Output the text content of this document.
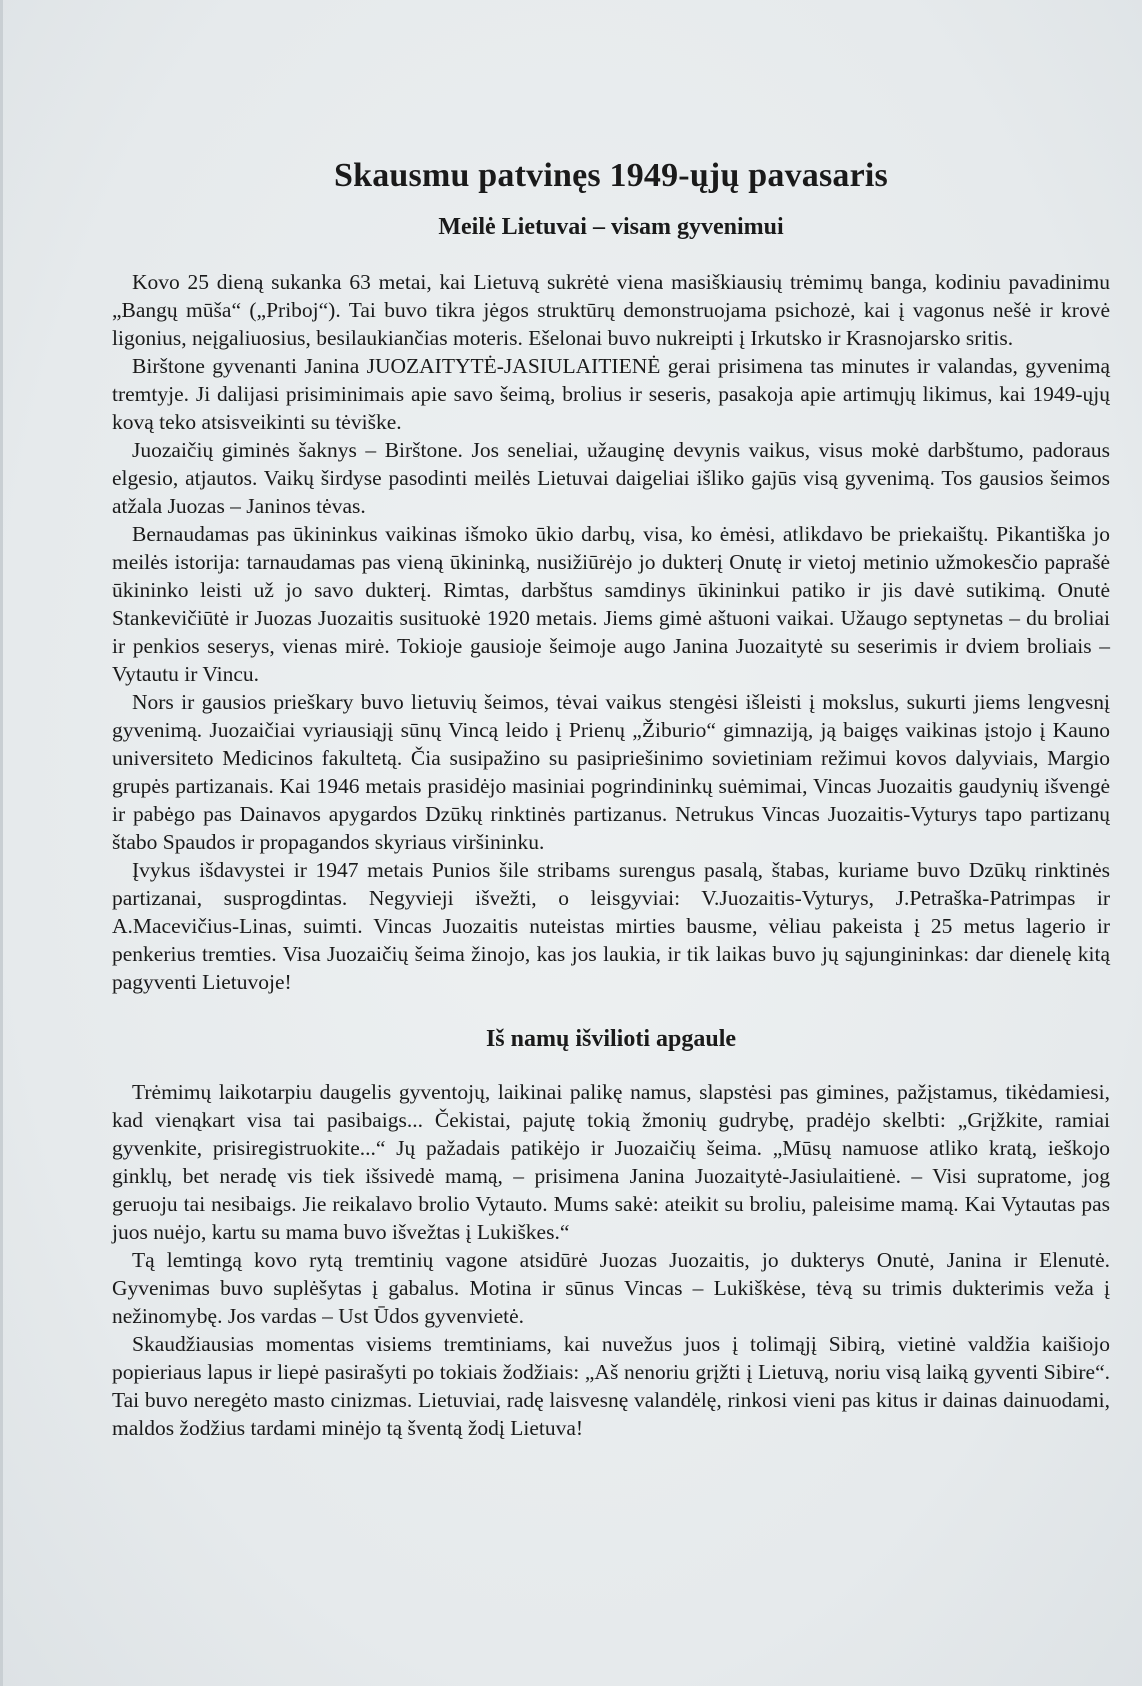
Skausmu patvinęs 1949-ųjų pavasaris
Meilė Lietuvai – visam gyvenimui

Kovo 25 dieną sukanka 63 metai, kai Lietuvą sukrėtė viena masiškiausių trėmimų banga, kodiniu pavadinimu „Bangų mūša“ („Priboj“). Tai buvo tikra jėgos struktūrų demonstruojama psichozė, kai į vagonus nešė ir krovė ligonius, neįgaliuosius, besilaukiančias moteris. Ešelonai buvo nukreipti į Irkutsko ir Krasnojarsko sritis.

Birštone gyvenanti Janina JUOZAITYTĖ-JASIULAITIENĖ gerai prisimena tas minutes ir valandas, gyvenimą tremtyje. Ji dalijasi prisiminimais apie savo šeimą, brolius ir seseris, pasakoja apie artimųjų likimus, kai 1949-ųjų kovą teko atsisveikinti su tėviške.

Juozaičių giminės šaknys – Birštone. Jos seneliai, užauginę devynis vaikus, visus mokė darbštumo, padoraus elgesio, atjautos. Vaikų širdyse pasodinti meilės Lietuvai daigeliai išliko gajūs visą gyvenimą. Tos gausios šeimos atžala Juozas – Janinos tėvas.

Bernaudamas pas ūkininkus vaikinas išmoko ūkio darbų, visa, ko ėmėsi, atlikdavo be priekaištų. Pikantiška jo meilės istorija: tarnaudamas pas vieną ūkininką, nusižiūrėjo jo dukterį Onutę ir vietoj metinio užmokesčio paprašė ūkininko leisti už jo savo dukterį. Rimtas, darbštus samdinys ūkininkui patiko ir jis davė sutikimą. Onutė Stankevičiūtė ir Juozas Juozaitis susituokė 1920 metais. Jiems gimė aštuoni vaikai. Užaugo septynetas – du broliai ir penkios seserys, vienas mirė. Tokioje gausioje šeimoje augo Janina Juozaitytė su seserimis ir dviem broliais – Vytautu ir Vincu.

Nors ir gausios prieškary buvo lietuvių šeimos, tėvai vaikus stengėsi išleisti į mokslus, sukurti jiems lengvesnį gyvenimą. Juozaičiai vyriausiąjį sūnų Vincą leido į Prienų „Žiburio“ gimnaziją, ją baigęs vaikinas įstojo į Kauno universiteto Medicinos fakultetą. Čia susipažino su pasipriešinimo sovietiniam režimui kovos dalyviais, Margio grupės partizanais. Kai 1946 metais prasidėjo masiniai pogrindininkų suėmimai, Vincas Juozaitis gaudynių išvengė ir pabėgo pas Dainavos apygardos Dzūkų rinktinės partizanus. Netrukus Vincas Juozaitis-Vyturys tapo partizanų štabo Spaudos ir propagandos skyriaus viršininku.

Įvykus išdavystei ir 1947 metais Punios šile stribams surengus pasalą, štabas, kuriame buvo Dzūkų rinktinės partizanai, susprogdintas. Negyvieji išvežti, o leisgyviai: V.Juozaitis-Vyturys, J.Petraška-Patrimpas ir A.Macevičius-Linas, suimti. Vincas Juozaitis nuteistas mirties bausme, vėliau pakeista į 25 metus lagerio ir penkerius tremties. Visa Juozaičių šeima žinojo, kas jos laukia, ir tik laikas buvo jų sąjungininkas: dar dienelę kitą pagyventi Lietuvoje!

Iš namų išvilioti apgaule

Trėmimų laikotarpiu daugelis gyventojų, laikinai palikę namus, slapstėsi pas gimines, pažįstamus, tikėdamiesi, kad vienąkart visa tai pasibaigs... Čekistai, pajutę tokią žmonių gudrybę, pradėjo skelbti: „Grįžkite, ramiai gyvenkite, prisiregistruokite...“ Jų pažadais patikėjo ir Juozaičių šeima. „Mūsų namuose atliko kratą, ieškojo ginklų, bet neradę vis tiek išsivedė mamą, – prisimena Janina Juozaitytė-Jasiulaitienė. – Visi supratome, jog geruoju tai nesibaigs. Jie reikalavo brolio Vytauto. Mums sakė: ateikit su broliu, paleisime mamą. Kai Vytautas pas juos nuėjo, kartu su mama buvo išvežtas į Lukiškes.“

Tą lemtingą kovo rytą tremtinių vagone atsidūrė Juozas Juozaitis, jo dukterys Onutė, Janina ir Elenutė. Gyvenimas buvo suplėšytas į gabalus. Motina ir sūnus Vincas – Lukiškėse, tėvą su trimis dukterimis veža į nežinomybę. Jos vardas – Ust Ūdos gyvenvietė.

Skaudžiausias momentas visiems tremtiniams, kai nuvežus juos į tolimąjį Sibirą, vietinė valdžia kaišiojo popieriaus lapus ir liepė pasirašyti po tokiais žodžiais: „Aš nenoriu grįžti į Lietuvą, noriu visą laiką gyventi Sibire“. Tai buvo neregėto masto cinizmas. Lietuviai, radę laisvesnę valandėlę, rinkosi vieni pas kitus ir dainas dainuodami, maldos žodžius tardami minėjo tą šventą žodį Lietuva!
